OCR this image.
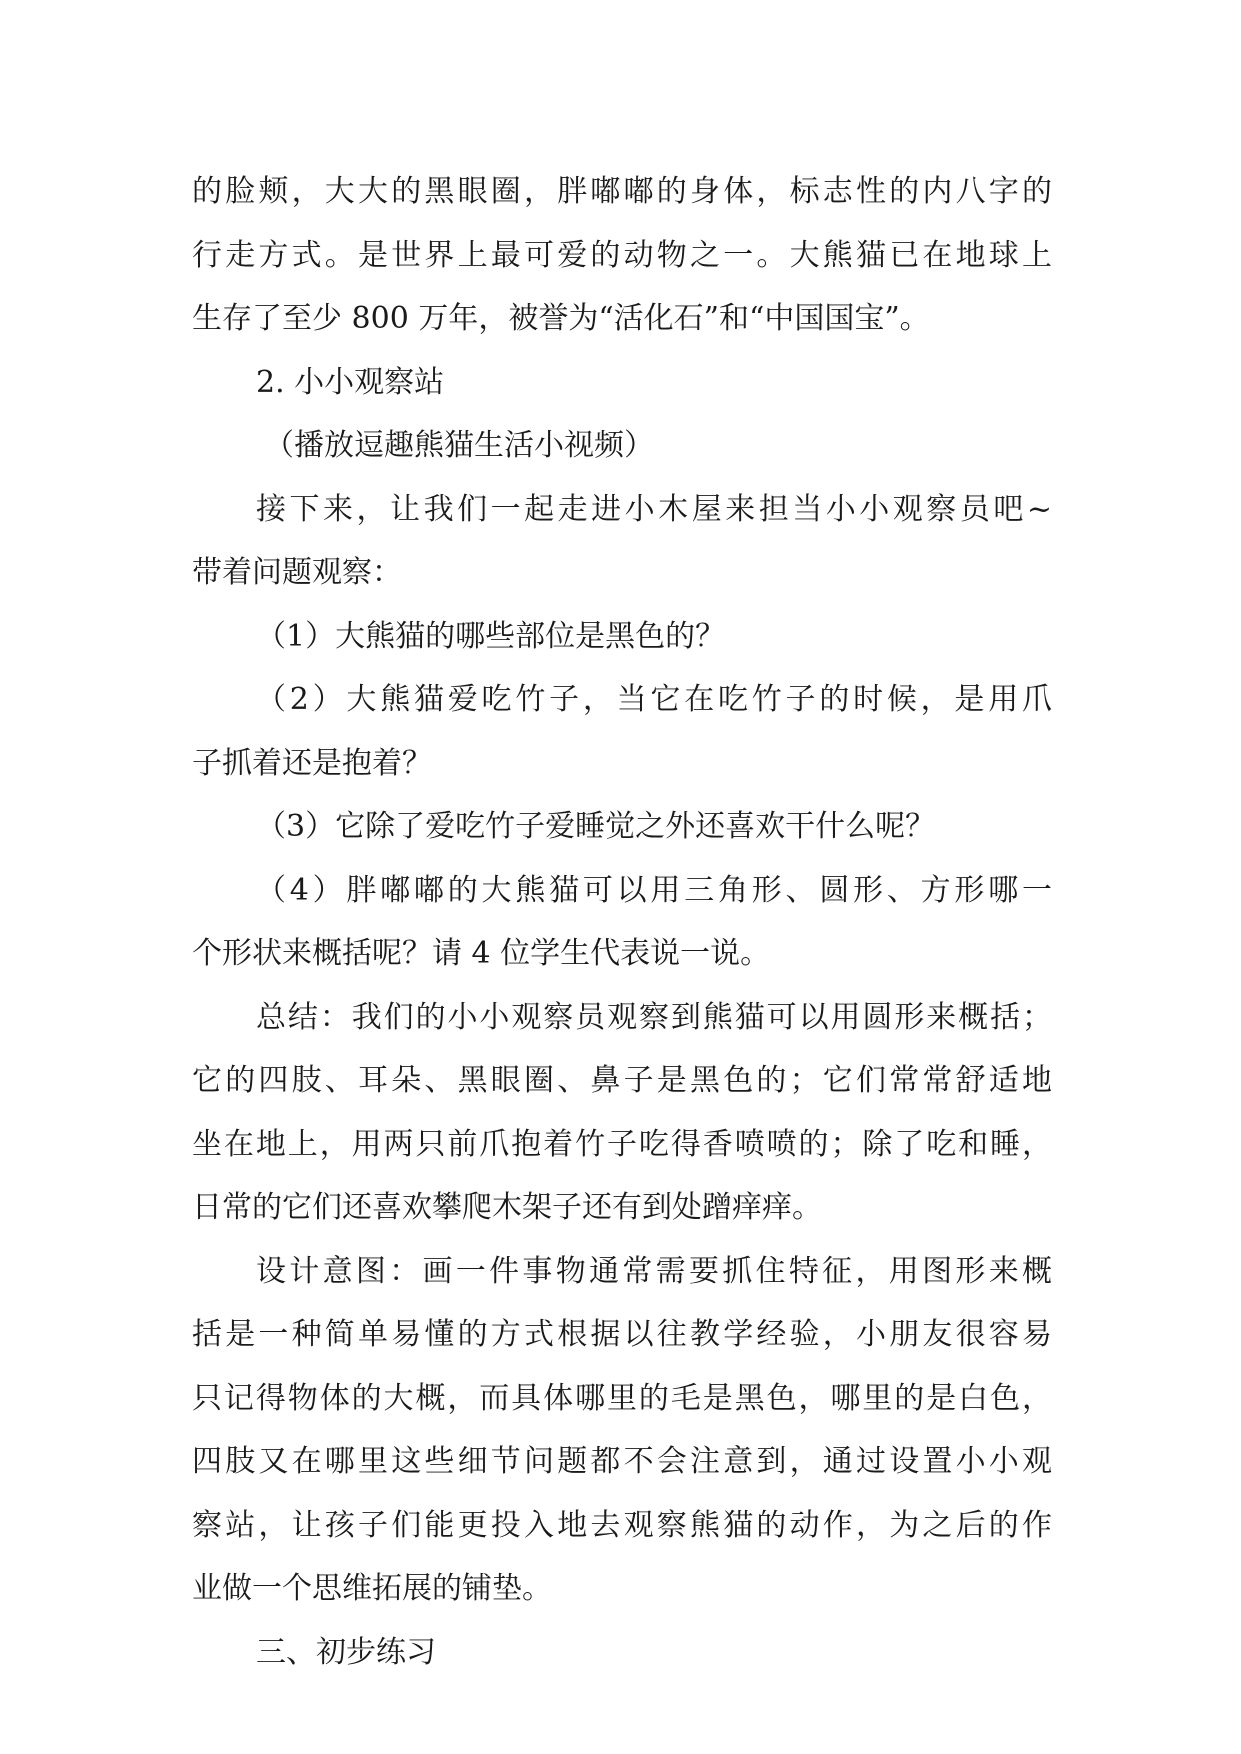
的脸颊，大大的黑眼圈，胖嘟嘟的身体，标志性的内八字的
行走方式。是世界上最可爱的动物之一。大熊猫已在地球上
生存了至少 800 万年，被誉为“活化石”和“中国国宝”。
2. 小小观察站
（播放逗趣熊猫生活小视频）
接下来，让我们一起走进小木屋来担当小小观察员吧~
带着问题观察：
（1）大熊猫的哪些部位是黑色的？
（2）大熊猫爱吃竹子，当它在吃竹子的时候，是用爪
子抓着还是抱着？
（3）它除了爱吃竹子爱睡觉之外还喜欢干什么呢？
（4）胖嘟嘟的大熊猫可以用三角形、圆形、方形哪一
个形状来概括呢？请 4 位学生代表说一说。
总结：我们的小小观察员观察到熊猫可以用圆形来概括；
它的四肢、耳朵、黑眼圈、鼻子是黑色的；它们常常舒适地
坐在地上，用两只前爪抱着竹子吃得香喷喷的；除了吃和睡，
日常的它们还喜欢攀爬木架子还有到处蹭痒痒。
设计意图：画一件事物通常需要抓住特征，用图形来概
括是一种简单易懂的方式根据以往教学经验，小朋友很容易
只记得物体的大概，而具体哪里的毛是黑色，哪里的是白色，
四肢又在哪里这些细节问题都不会注意到，通过设置小小观
察站，让孩子们能更投入地去观察熊猫的动作，为之后的作
业做一个思维拓展的铺垫。
三、初步练习
